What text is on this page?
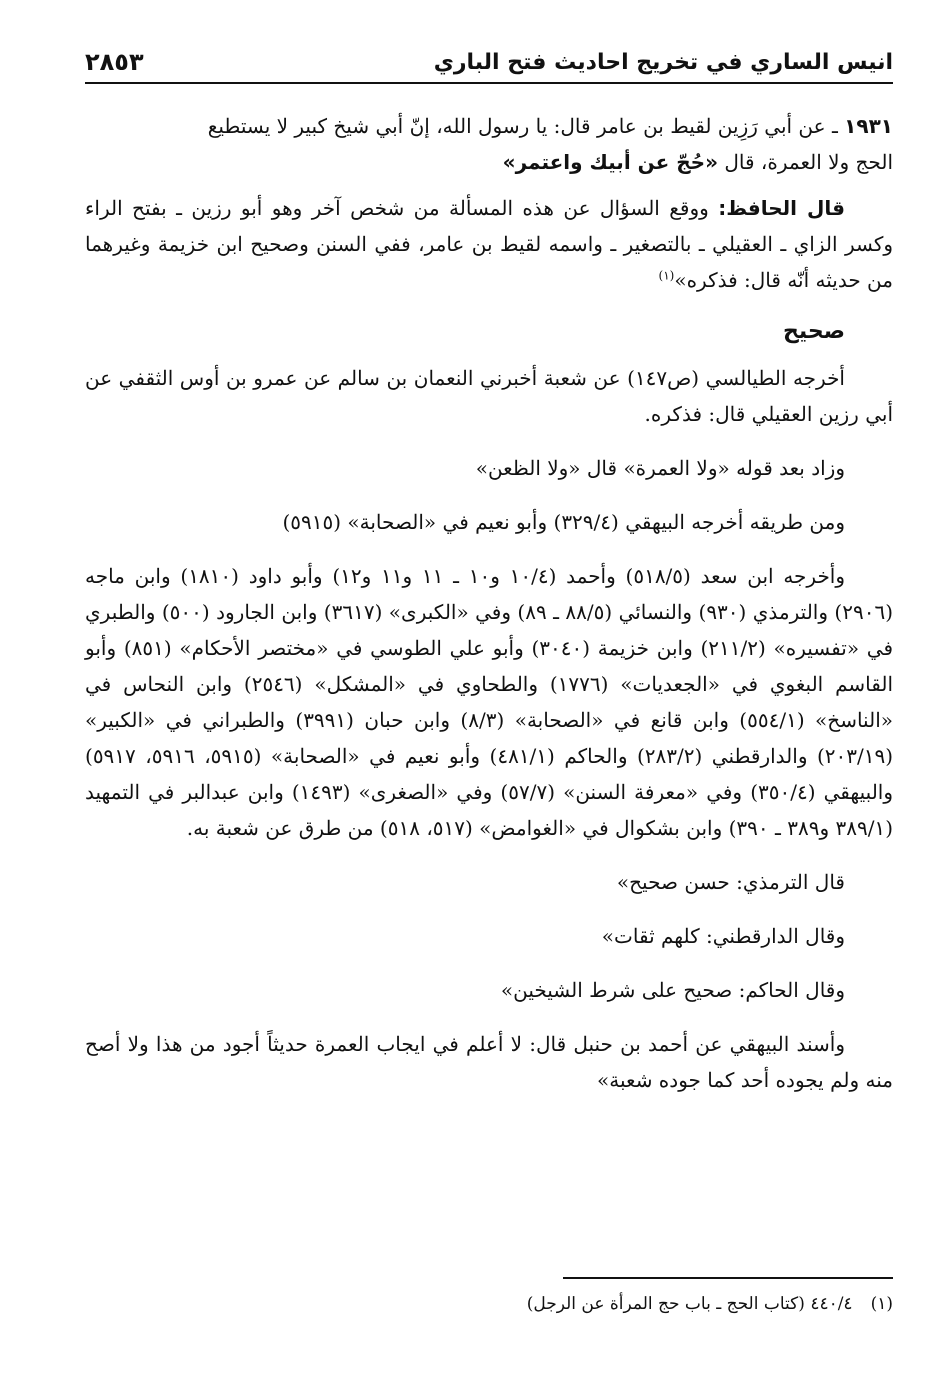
انيس الساري في تخريج احاديث فتح الباري
٢٨٥٣

١٩٣١ ـ عن أبي رَزِين لقيط بن عامر قال: يا رسول الله، إنّ أبي شيخ كبير لا يستطيع

الحج ولا العمرة، قال «حُجّ عن أبيك واعتمر»

قال الحافظ: ووقع السؤال عن هذه المسألة من شخص آخر وهو أبو رزين ـ بفتح الراء وكسر الزاي ـ العقيلي ـ بالتصغير ـ واسمه لقيط بن عامر، ففي السنن وصحيح ابن خزيمة وغيرهما من حديثه أنّه قال: فذكره»$^{(١)}$

صحيح

أخرجه الطيالسي (ص١٤٧) عن شعبة أخبرني النعمان بن سالم عن عمرو بن أوس الثقفي عن أبي رزين العقيلي قال: فذكره.

وزاد بعد قوله «ولا العمرة» قال «ولا الظعن»

ومن طريقه أخرجه البيهقي (٣٢٩/٤) وأبو نعيم في «الصحابة» (٥٩١٥)

وأخرجه ابن سعد (٥١٨/٥) وأحمد (١٠/٤ و١٠ ـ ١١ و١١ و١٢) وأبو داود (١٨١٠) وابن ماجه (٢٩٠٦) والترمذي (٩٣٠) والنسائي (٨٨/٥ ـ ٨٩) وفي «الكبرى» (٣٦١٧) وابن الجارود (٥٠٠) والطبري في «تفسيره» (٢١١/٢) وابن خزيمة (٣٠٤٠) وأبو علي الطوسي في «مختصر الأحكام» (٨٥١) وأبو القاسم البغوي في «الجعديات» (١٧٧٦) والطحاوي في «المشكل» (٢٥٤٦) وابن النحاس في «الناسخ» (٥٥٤/١) وابن قانع في «الصحابة» (٨/٣) وابن حبان (٣٩٩١) والطبراني في «الكبير» (٢٠٣/١٩) والدارقطني (٢٨٣/٢) والحاكم (٤٨١/١) وأبو نعيم في «الصحابة» (٥٩١٥، ٥٩١٦، ٥٩١٧) والبيهقي (٣٥٠/٤) وفي «معرفة السنن» (٥٧/٧) وفي «الصغرى» (١٤٩٣) وابن عبدالبر في التمهيد (٣٨٩/١ و٣٨٩ ـ ٣٩٠) وابن بشكوال في «الغوامض» (٥١٧، ٥١٨) من طرق عن شعبة به.

قال الترمذي: حسن صحيح»

وقال الدارقطني: كلهم ثقات»

وقال الحاكم: صحيح على شرط الشيخين»

وأسند البيهقي عن أحمد بن حنبل قال: لا أعلم في ايجاب العمرة حديثاً أجود من هذا ولا أصح منه ولم يجوده أحد كما جوده شعبة»

(١)٤٤٠/٤ (كتاب الحج ـ باب حج المرأة عن الرجل)
